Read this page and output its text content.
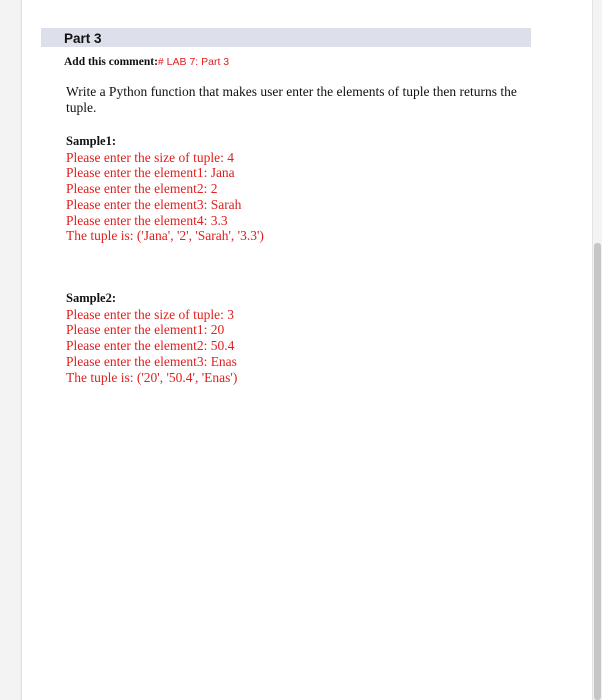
Part 3
Add this comment:# LAB 7: Part 3
Write a Python function that makes user enter the elements of tuple then returns the tuple.
Sample1:
Please enter the size of tuple: 4
Please enter the element1: Jana
Please enter the element2: 2
Please enter the element3: Sarah
Please enter the element4: 3.3
The tuple is: ('Jana', '2', 'Sarah', '3.3')
Sample2:
Please enter the size of tuple: 3
Please enter the element1: 20
Please enter the element2: 50.4
Please enter the element3: Enas
The tuple is: ('20', '50.4', 'Enas')
